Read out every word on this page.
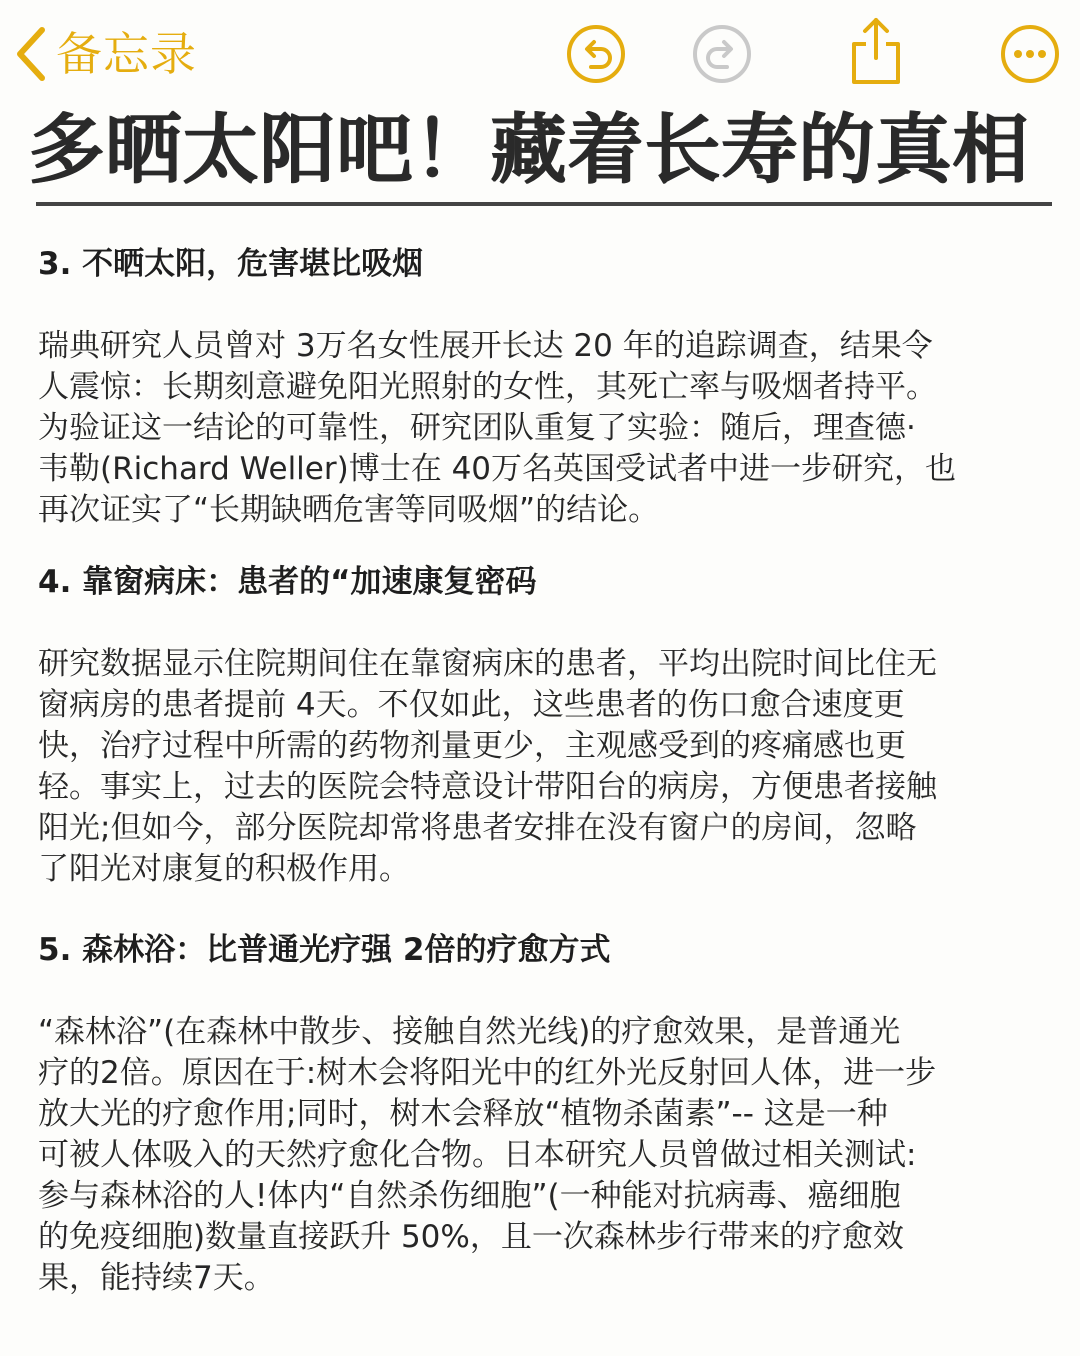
备忘录
多晒太阳吧！藏着长寿的真相
3. 不晒太阳，危害堪比吸烟
瑞典研究人员曾对 3万名女性展开长达 20 年的追踪调查，结果令
人震惊：长期刻意避免阳光照射的女性，其死亡率与吸烟者持平。
为验证这一结论的可靠性，研究团队重复了实验：随后，理查德·
韦勒(Richard Weller)博士在 40万名英国受试者中进一步研究，也
再次证实了“长期缺晒危害等同吸烟”的结论。
4. 靠窗病床：患者的“加速康复密码
研究数据显示住院期间住在靠窗病床的患者，平均出院时间比住无
窗病房的患者提前 4天。不仅如此，这些患者的伤口愈合速度更
快，治疗过程中所需的药物剂量更少，主观感受到的疼痛感也更
轻。事实上，过去的医院会特意设计带阳台的病房，方便患者接触
阳光;但如今，部分医院却常将患者安排在没有窗户的房间，忽略
了阳光对康复的积极作用。
5. 森林浴：比普通光疗强 2倍的疗愈方式
“森林浴”(在森林中散步、接触自然光线)的疗愈效果，是普通光
疗的2倍。原因在于:树木会将阳光中的红外光反射回人体，进一步
放大光的疗愈作用;同时，树木会释放“植物杀菌素”-- 这是一种
可被人体吸入的天然疗愈化合物。日本研究人员曾做过相关测试:
参与森林浴的人!体内“自然杀伤细胞”(一种能对抗病毒、癌细胞
的免疫细胞)数量直接跃升 50%，且一次森林步行带来的疗愈效
果，能持续7天。
